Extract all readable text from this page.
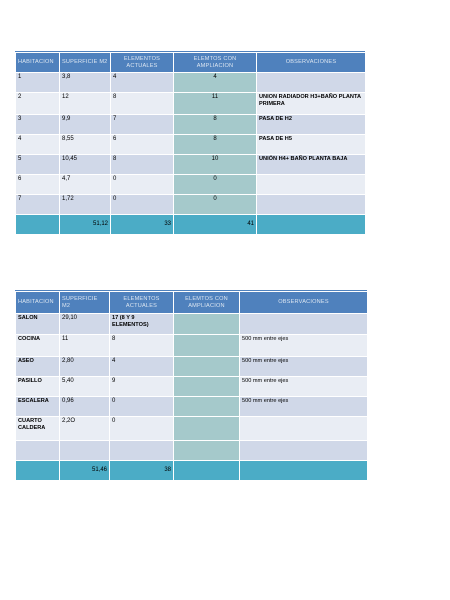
HABITACION	SUPERFICIE M2	ELEMENTOS ACTUALES	ELEMTOS CON AMPLIACION	OBSERVACIONES
1	3,8	4	4	
2	12	8	11	UNION RADIADOR H3+BAÑO PLANTA PRIMERA
3	9,9	7	8	PASA DE H2
4	8,55	6	8	PASA DE H5
5	10,45	8	10	UNIÓN H4+ BAÑO PLANTA BAJA
6	4,7	0	0	
7	1,72	0	0	
	51,12	33	41	
HABITACION	SUPERFICIE M2	ELEMENTOS ACTUALES	ELEMTOS CON AMPLIACION	OBSERVACIONES
SALON	29,10	17 (8 Y 9 ELEMENTOS)		
COCINA	11	8		500 mm entre ejes
ASEO	2,80	4		500 mm entre ejes
PASILLO	5,40	9		500 mm entre ejes
ESCALERA	0,96	0		500 mm entre ejes
CUARTO CALDERA	2,2O	0		

	51,46	38		
